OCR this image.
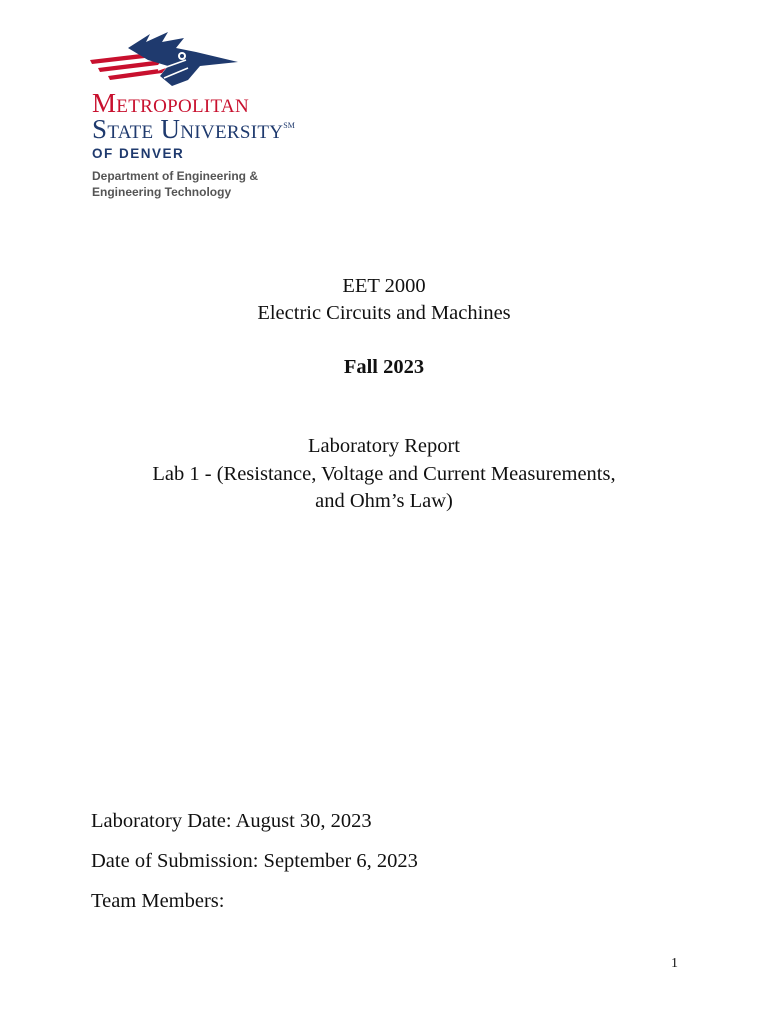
Metropolitan
State University℠
OF DENVER
Department of Engineering &
Engineering Technology
EET 2000
Electric Circuits and Machines
Fall 2023
Laboratory Report
Lab 1 - (Resistance, Voltage and Current Measurements,
and Ohm’s Law)
Laboratory Date: August 30, 2023
Date of Submission: September 6, 2023
Team Members:
1
